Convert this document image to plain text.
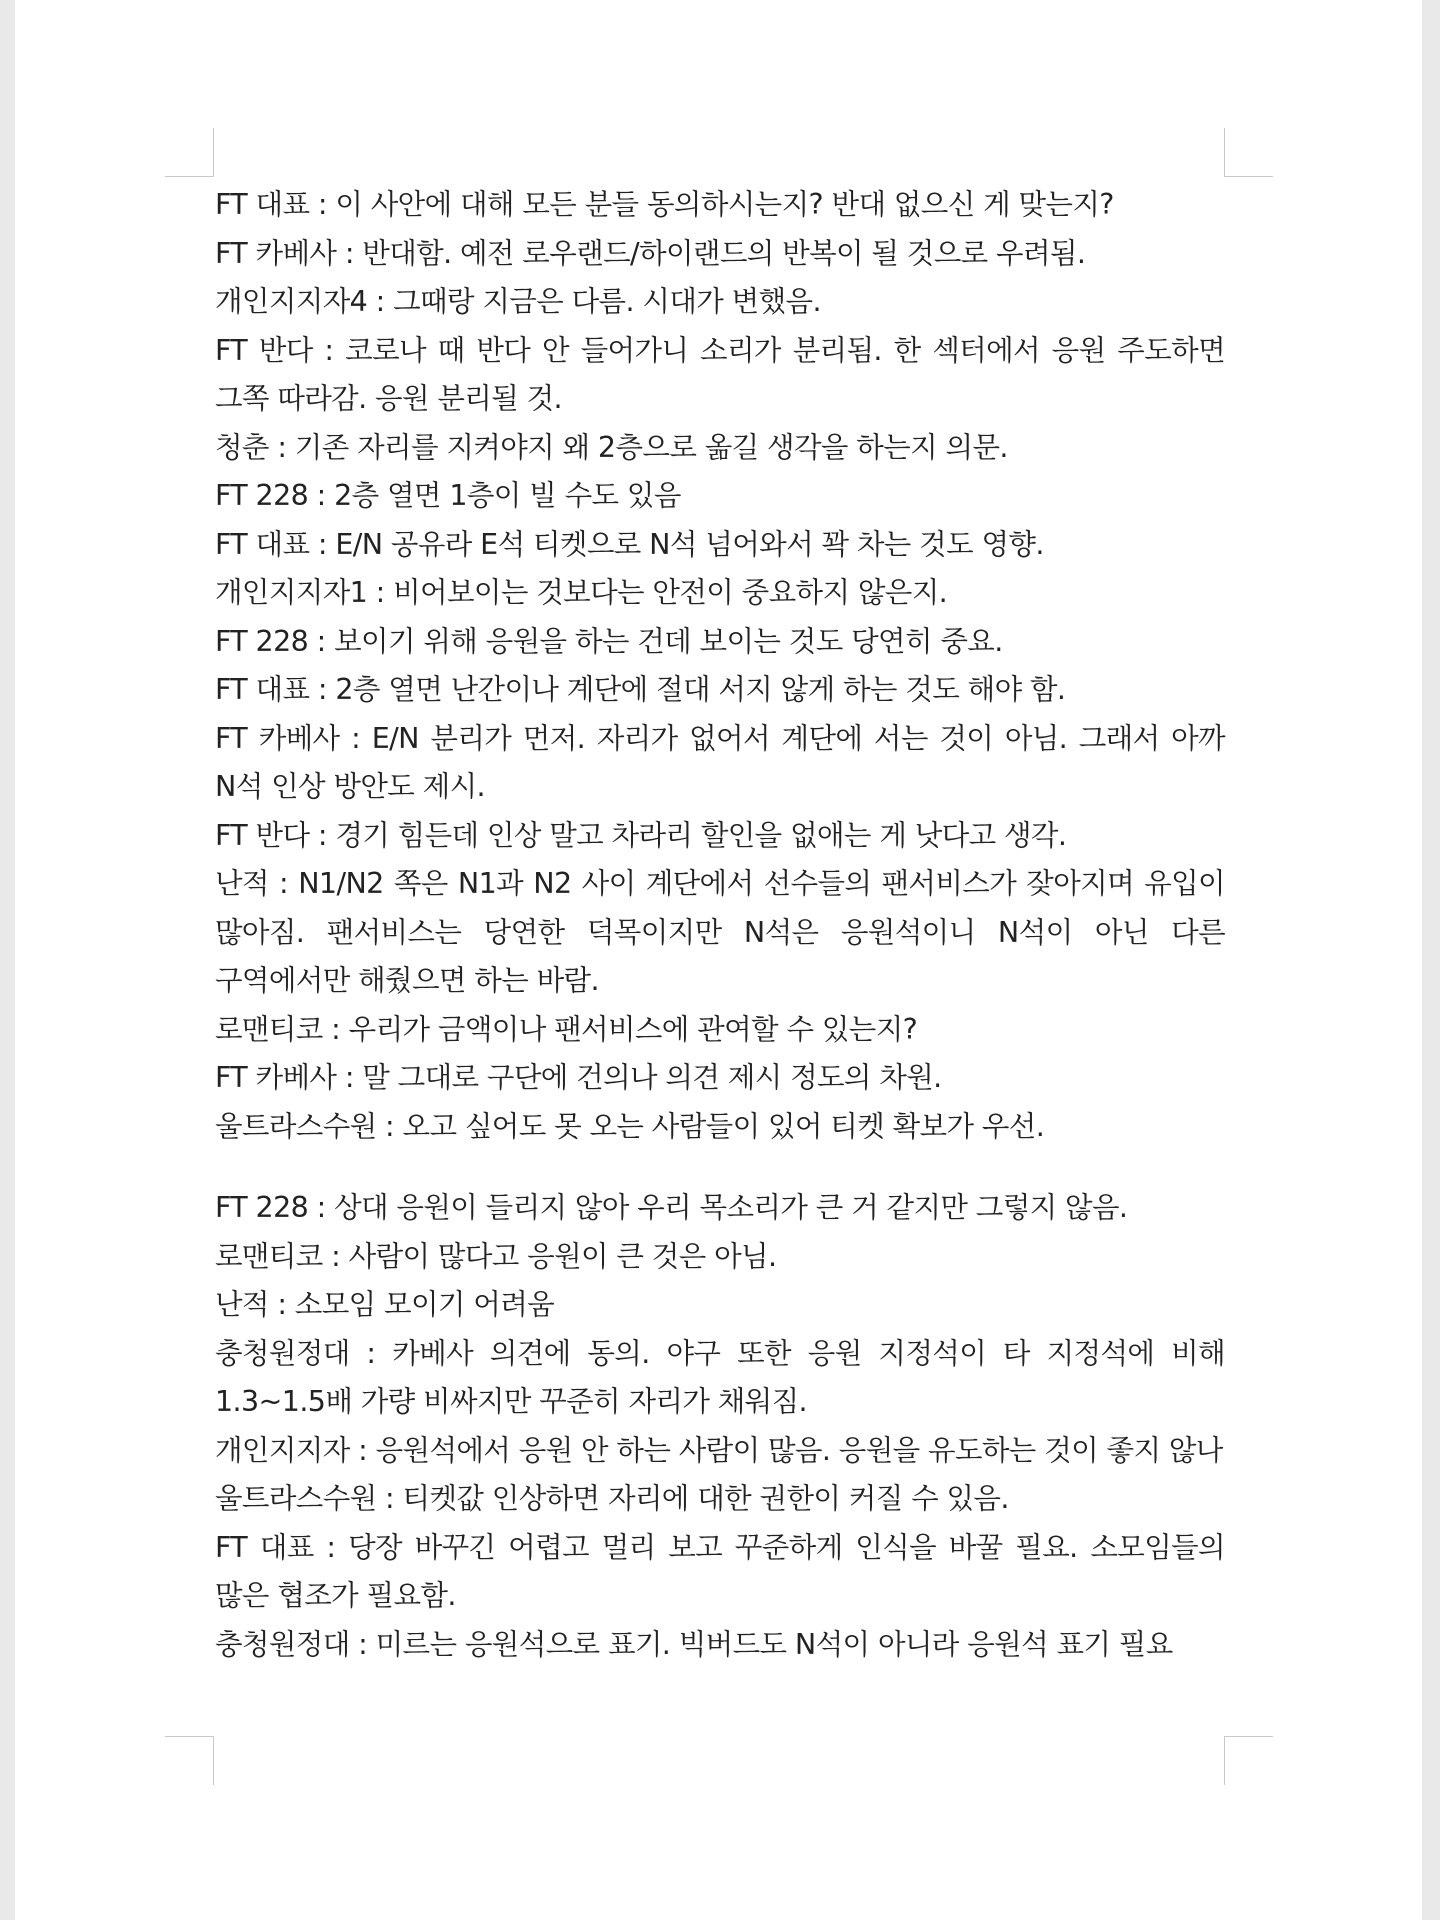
FT 대표 : 이 사안에 대해 모든 분들 동의하시는지? 반대 없으신 게 맞는지?

FT 카베사 : 반대함. 예전 로우랜드/하이랜드의 반복이 될 것으로 우려됨.

개인지지자4 : 그때랑 지금은 다름. 시대가 변했음.

FT 반다 : 코로나 때 반다 안 들어가니 소리가 분리됨. 한 섹터에서 응원 주도하면 그쪽 따라감. 응원 분리될 것.

청춘 : 기존 자리를 지켜야지 왜 2층으로 옮길 생각을 하는지 의문.

FT 228 : 2층 열면 1층이 빌 수도 있음

FT 대표 : E/N 공유라 E석 티켓으로 N석 넘어와서 꽉 차는 것도 영향.

개인지지자1 : 비어보이는 것보다는 안전이 중요하지 않은지.

FT 228 : 보이기 위해 응원을 하는 건데 보이는 것도 당연히 중요.

FT 대표 : 2층 열면 난간이나 계단에 절대 서지 않게 하는 것도 해야 함.

FT 카베사 : E/N 분리가 먼저. 자리가 없어서 계단에 서는 것이 아님. 그래서 아까 N석 인상 방안도 제시.

FT 반다 : 경기 힘든데 인상 말고 차라리 할인을 없애는 게 낫다고 생각.

난적 : N1/N2 쪽은 N1과 N2 사이 계단에서 선수들의 팬서비스가 잦아지며 유입이 많아짐. 팬서비스는 당연한 덕목이지만 N석은 응원석이니 N석이 아닌 다른 구역에서만 해줬으면 하는 바람.

로맨티코 : 우리가 금액이나 팬서비스에 관여할 수 있는지?

FT 카베사 : 말 그대로 구단에 건의나 의견 제시 정도의 차원.

울트라스수원 : 오고 싶어도 못 오는 사람들이 있어 티켓 확보가 우선.

FT 228 : 상대 응원이 들리지 않아 우리 목소리가 큰 거 같지만 그렇지 않음.

로맨티코 : 사람이 많다고 응원이 큰 것은 아님.

난적 : 소모임 모이기 어려움

충청원정대 : 카베사 의견에 동의. 야구 또한 응원 지정석이 타 지정석에 비해 1.3~1.5배 가량 비싸지만 꾸준히 자리가 채워짐.

개인지지자 : 응원석에서 응원 안 하는 사람이 많음. 응원을 유도하는 것이 좋지 않나

울트라스수원 : 티켓값 인상하면 자리에 대한 권한이 커질 수 있음.

FT 대표 : 당장 바꾸긴 어렵고 멀리 보고 꾸준하게 인식을 바꿀 필요. 소모임들의 많은 협조가 필요함.

충청원정대 : 미르는 응원석으로 표기. 빅버드도 N석이 아니라 응원석 표기 필요
